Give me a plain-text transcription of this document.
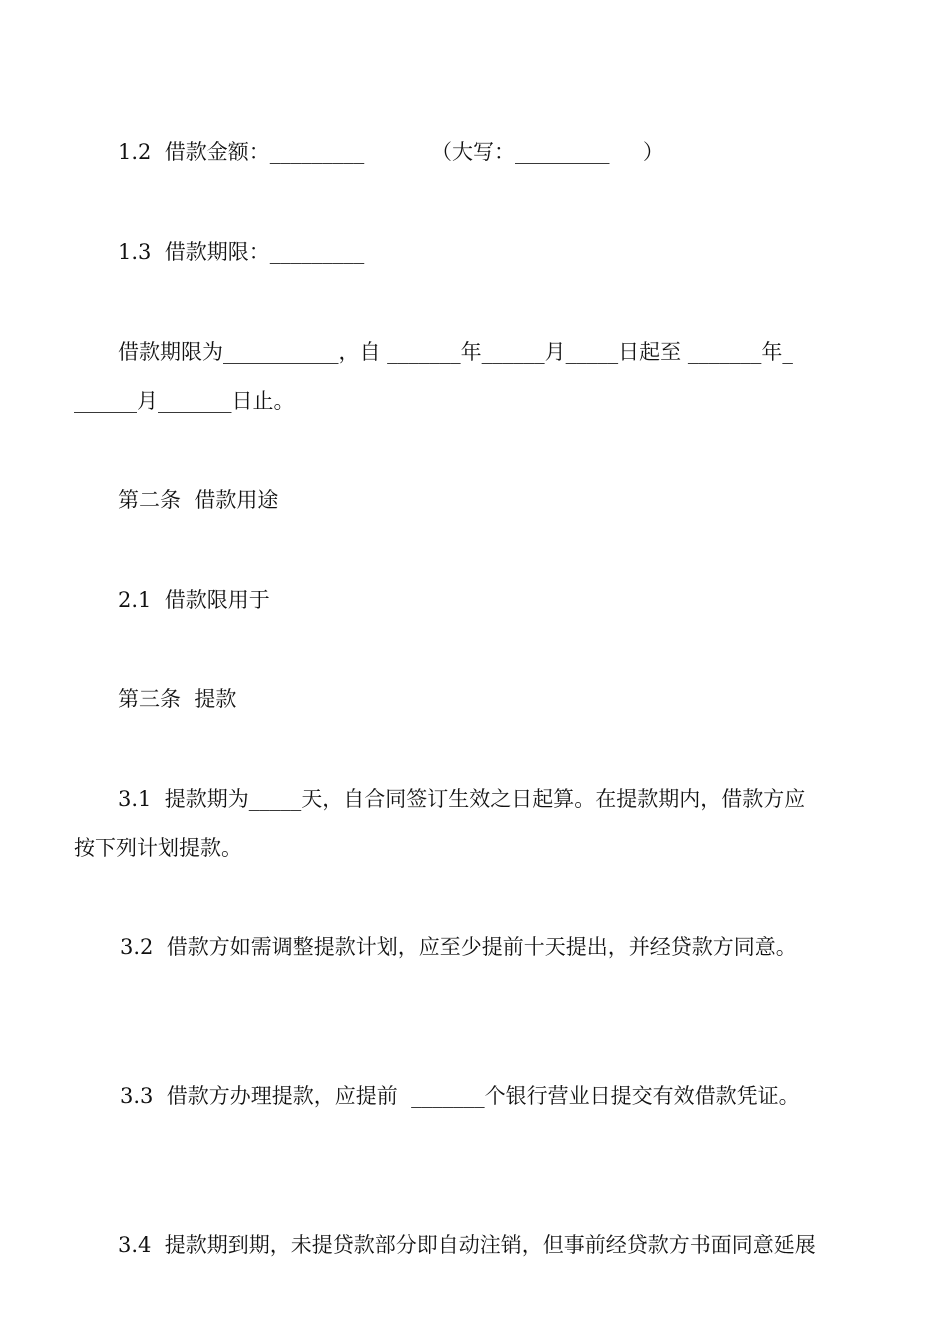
1.2  借款金额：_________          （大写：_________     ）
1.3  借款期限：_________
借款期限为___________，自 _______年______月_____日起至 _______年_
______月_______日止。
第二条  借款用途
2.1  借款限用于
第三条  提款
3.1  提款期为_____天，自合同签订生效之日起算。在提款期内，借款方应
按下列计划提款。
3.2  借款方如需调整提款计划，应至少提前十天提出，并经贷款方同意。
3.3  借款方办理提款，应提前  _______个银行营业日提交有效借款凭证。
3.4  提款期到期，未提贷款部分即自动注销，但事前经贷款方书面同意延展
